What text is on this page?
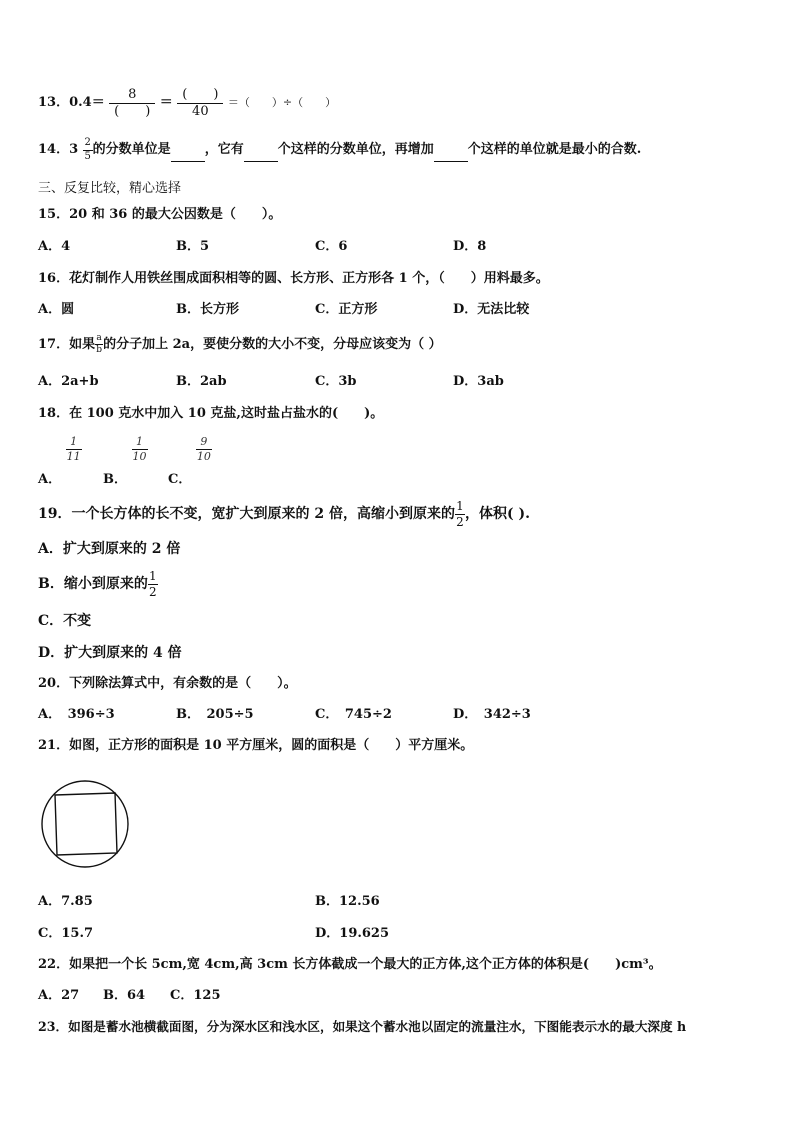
13．$0.4= \frac{8}{( )} = \frac{( )}{40}$ ＝（　　）÷（　　）
14．$3 \frac{2}{5}$ 的分数单位是	，它有	个这样的分数单位，再增加	个这样的单位就是最小的合数.
三、反复比较，精心选择
15．20 和 36 的最大公因数是（　　）。
A．4	B．5	C．6	D．8
16．花灯制作人用铁丝围成面积相等的圆、长方形、正方形各 1 个，（　　）用料最多。
A．圆	B．长方形	C．正方形	D．无法比较
17．如果 $\frac{a}{b}$ 的分子加上 2a，要使分数的大小不变，分母应该变为（ ）
A．2a+b	B．2ab	C．3b	D．3ab
18．在 100 克水中加入 10 克盐,这时盐占盐水的(　　)。
A．
$\frac{1}{11}$
B．
$\frac{1}{10}$
C．
$\frac{9}{10}$
19．一个长方体的长不变，宽扩大到原来的 2 倍，高缩小到原来的 $\frac{1}{2}$ ，体积( ).
A．扩大到原来的 2 倍
B．缩小到原来的 $\frac{1}{2}$
C．不变
D．扩大到原来的 4 倍
20．下列除法算式中，有余数的是（　　）。
A．　396÷3	B．　205÷5	C．　745÷2	D．　342÷3
21．如图，正方形的面积是 10 平方厘米，圆的面积是（　　）平方厘米。
A．7.85	B．12.56
C．15.7	D．19.625
22．如果把一个长 5cm,宽 4cm,高 3cm 长方体截成一个最大的正方体,这个正方体的体积是(　　)cm³。
A．27 B．64 C．125
23．如图是蓄水池横截面图，分为深水区和浅水区，如果这个蓄水池以固定的流量注水，下图能表示水的最大深度 h
